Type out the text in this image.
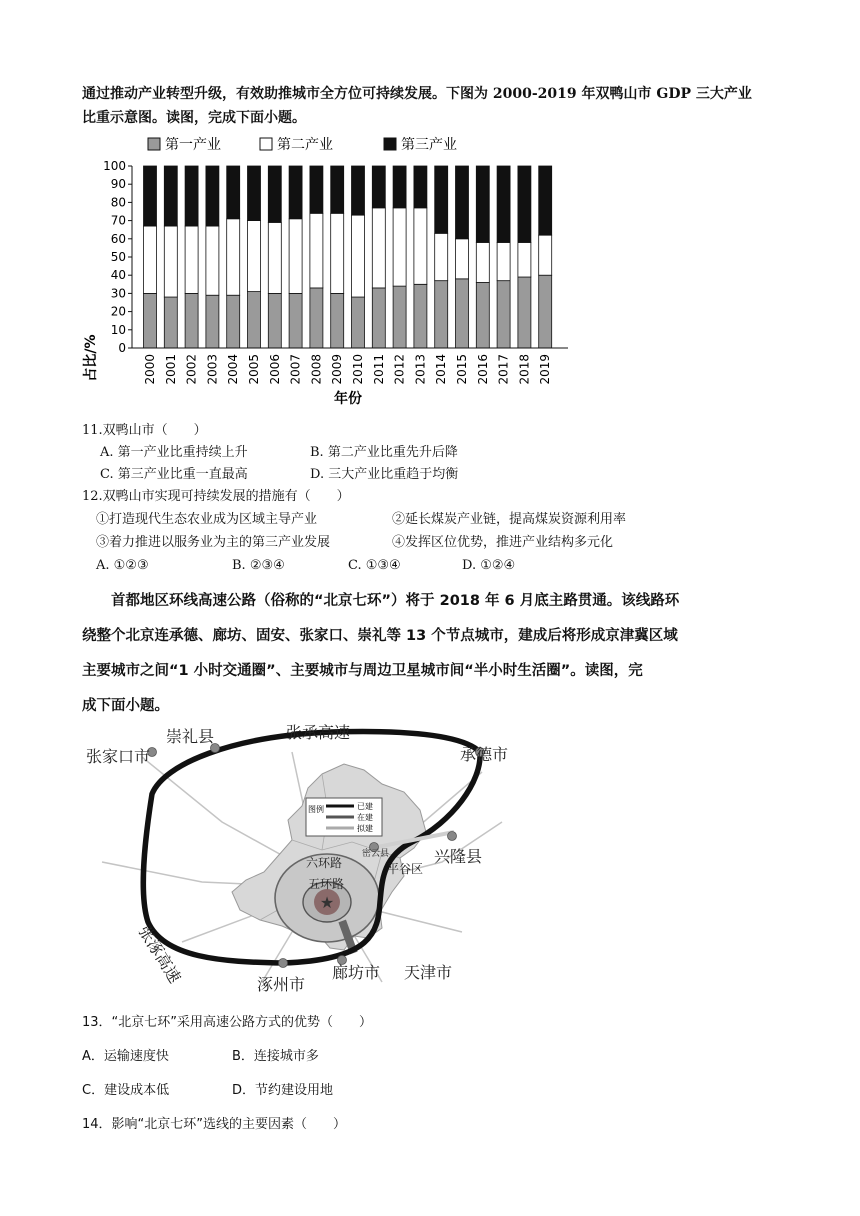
通过推动产业转型升级，有效助推城市全方位可持续发展。下图为 2000-2019 年双鸭山市 GDP 三大产业
比重示意图。读图，完成下面小题。
第一产业	第二产业	第三产业
0
10
20
30
40
50
60
70
80
90
100
2000 2001 2002 2003 2004 2005 2006 2007 2008 2009 2010 2011 2012 2013 2014 2015 2016 2017 2018 2019
占比/%
年份
11.双鸭山市（　　）
A. 第一产业比重持续上升	B. 第二产业比重先升后降
C. 第三产业比重一直最高	D. 三大产业比重趋于均衡
12.双鸭山市实现可持续发展的措施有（　　）
①打造现代生态农业成为区域主导产业	②延长煤炭产业链，提高煤炭资源利用率
③着力推进以服务业为主的第三产业发展	④发挥区位优势，推进产业结构多元化
A. ①②③	B. ②③④	C. ①③④	D. ①②④
首都地区环线高速公路（俗称的“北京七环”）将于 2018 年 6 月底主路贯通。该线路环
绕整个北京连承德、廊坊、固安、张家口、崇礼等 13 个节点城市，建成后将形成京津冀区域
主要城市之间“1 小时交通圈”、主要城市与周边卫星城市间“半小时生活圈”。读图，完
成下面小题。
★
图例	已建
在建
拟建
崇礼县	张承高速
张家口市	承德市
密云县	兴隆县
平谷区
六环路
五环路
张涿高速	涿州市
廊坊市 天津市
13．“北京七环”采用高速公路方式的优势（　　）
A．运输速度快	B．连接城市多
C．建设成本低	D．节约建设用地
14．影响“北京七环”选线的主要因素（　　）
